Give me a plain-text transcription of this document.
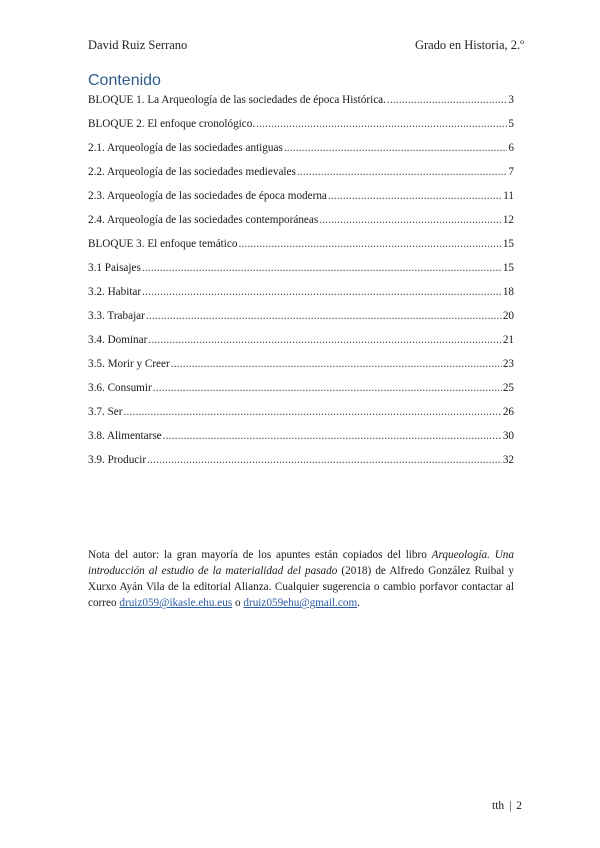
David Ruiz Serrano	Grado en Historia, 2.º
Contenido
BLOQUE 1. La Arqueología de las sociedades de época Histórica. .....	3
BLOQUE 2. El enfoque cronológico. .....	5
2.1. Arqueología de las sociedades antiguas .....	6
2.2. Arqueología de las sociedades medievales .....	7
2.3. Arqueología de las sociedades de época moderna .....	11
2.4. Arqueología de las sociedades contemporáneas .....	12
BLOQUE 3. El enfoque temático .....	15
3.1 Paisajes .....	15
3.2. Habitar .....	18
3.3. Trabajar .....	20
3.4. Dominar .....	21
3.5. Morir y Creer .....	23
3.6. Consumir .....	25
3.7. Ser .....	26
3.8. Alimentarse .....	30
3.9. Producir .....	32

Nota del autor: la gran mayoría de los apuntes están copiados del libro Arqueología. Una introducción al estudio de la materialidad del pasado (2018) de Alfredo González Ruibal y Xurxo Ayán Vila de la editorial Alianza. Cualquier sugerencia o cambio porfavor contactar al correo druiz059@ikasle.ehu.eus o druiz059ehu@gmail.com.

tth | 2
